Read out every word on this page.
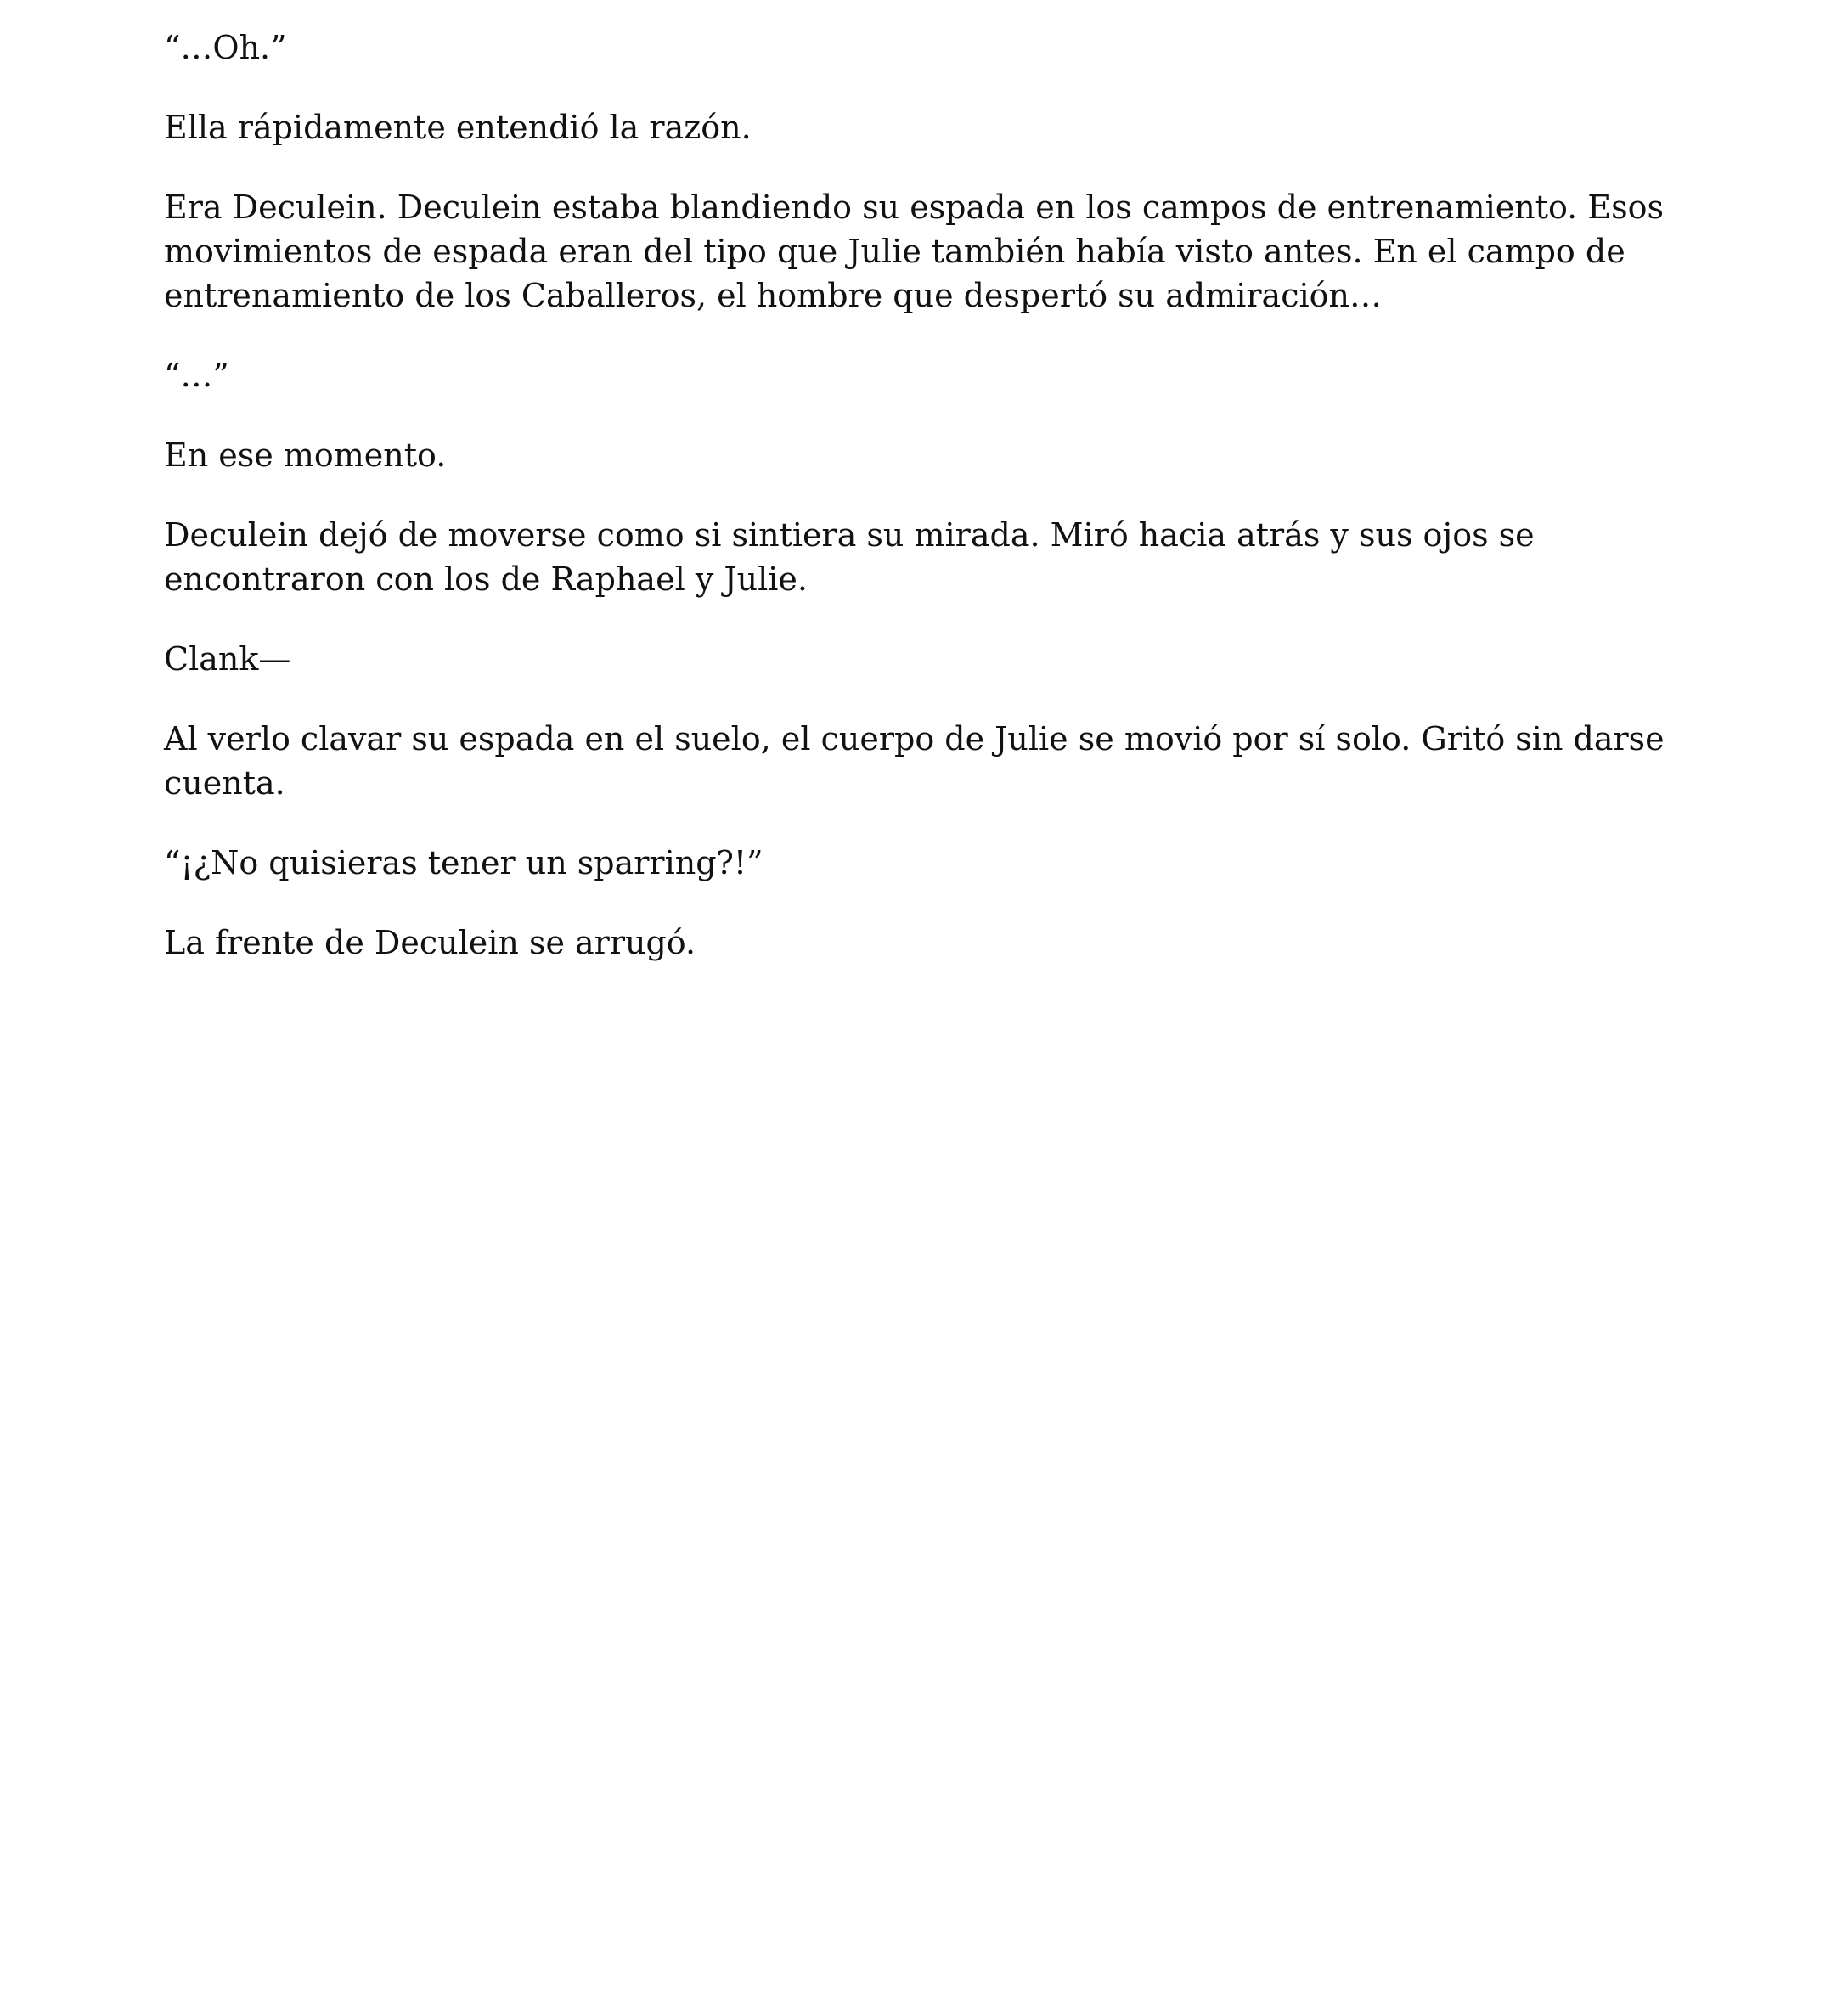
“…Oh.”

Ella rápidamente entendió la razón.

Era Deculein. Deculein estaba blandiendo su espada en los campos de entrenamiento. Esos movimientos de espada eran del tipo que Julie también había visto antes. En el campo de entrenamiento de los Caballeros, el hombre que despertó su admiración…

“…”

En ese momento.

Deculein dejó de moverse como si sintiera su mirada. Miró hacia atrás y sus ojos se encontraron con los de Raphael y Julie.

Clank—

Al verlo clavar su espada en el suelo, el cuerpo de Julie se movió por sí solo. Gritó sin darse cuenta.

“¡¿No quisieras tener un sparring?!”

La frente de Deculein se arrugó.
